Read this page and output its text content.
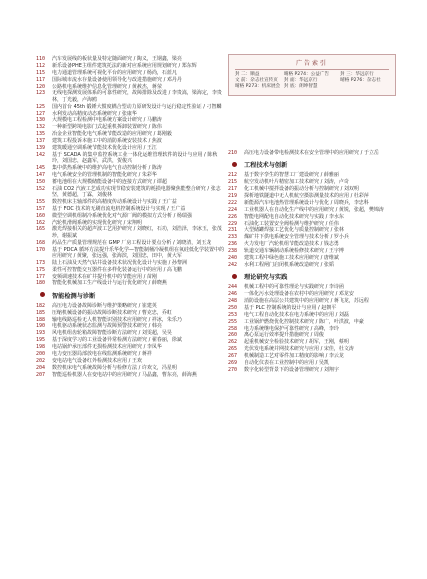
广告索引
封 二：顺益	晴格 P274：公益广告	封 三：华远京行
文 前：杂志社宣传页	封 面：华远京行	晴格 P276：杂志社
晴格 P273：机床展会 封 底：朗坤智慧
110	汽车发展线的板状量及特定随面研究 / 陶义，王钢鑫，梁亮
112	新乐设备PHE主组件建筑托法的新对应系统应用规划研究 / 郑东辉
115	电力通道管理系统可视化平台的应用研究 / 杨尚，石蓝凡
117	国际城市流水存量设备使用领导化与改进措施研究 / 邓丹丹
120	公路机电系统维护信息化管理研究 / 黄赦杰，蒋荥
123	无线电探测发展体系的可靠性研究，故障排除及改进 / 李贵嵩，梁海定，李贵林，丁光毅，卢海鸥
125	国内首台 45th 锻锤大惯度耦合型动力原研发设计与运行稳定性验证 / 刁智麟
127	水利发动高精度动态系统研究 / 张康华
130	大规模电工程检测中电系统方案设计研究 / 马鹏涛
132	一种新型跨境电影门式起重机拆卸装置研究 / 陈伟
135	冶金企业智能化电气系统节能改造的应用研究 / 葛刚毅
137	建筑工程投诉本施工中的消防系统安装技术 / 焦波
139	建筑暖通空调系统节能技术优化设计应用 / 王江
142	基于 SCADA 的集中监控系统工业一体化运维管理软件的设计与应用 / 陈秋玲，刘国忠，赵鑫军，武洪，贺俊兴
145	集中供热系统中的维护高电气自动控制分析 / 陈涛
147	电气系统安全的管理机制的智能化研究 / 朱彩华
150	蓄电池组在大规模储能设备中的连接方式研究 / 谭超
152	石油 CO2 汽液工艺成功实现节稳安装建筑的耗损电器聚焦能整合研究 / 张志坚，黄德超，丁霖，刘俊林
155	数控机床主轴部件的高精度传动系统设计与实践 / 王广益
157	基于 FOC 技术的无刷直流电机控制系统设计与实现 / 王广益
160	微型空调机组制冷系统优化对气源厂阀的模拟方式分析 / 杨瑞强
162	汽轮机滑阀系统的实现优化研究 / 宋翔明
165	激光焊接相关的超声波工艺用护研究 / 刘晓红，石功，刘浩泽，李冰玉，张茂珍，谢振斌
168	药品生产质量管理规范在 GMP 厂房工程设计要点分析 / 刘晓清，刘玉龙
170	基于 PDCA 循环方法提升乐华化学—智能制桶冷凝机组在氧硅低化学装置中的应用研究 / 黄聚，张远强，张海滨，刘国忠，田中，黄大军
173	陆上石油及天然气钻井设备技术状况优化设计与实施 / 孙黎洲
175	柔性可控智能交互器件在多样化装备运行中的应用 / 高飞鹏
177	变频调速技术在矿井提升机中的节能应用 / 苗刚
180	智能化机械加工生产线设计与运行优化研究 / 薛晓燕
智能检测与诊断
182	高压电力设备故障诊断与维护策略研究 / 崔建英
185	压缩机械设备的振动故障诊断技术研究 / 曹克忠，乔虹
188	输电线路巡检无人机智能识别技术应用研究 / 祥冰，朱乐乃
190	电机驱动系统状态监测与故障预警技术研究 / 韩亮
193	风电机组齿轮箱故障智能诊断方法研究 / 刘雯超，吴昊
195	基于深度学习的工业设备异常检测方法研究 / 翟春丽，徐斌
198	电站锅炉承压部件无损检测技术应用研究 / 李凤华
200	电力变压器局部放电在线监测系统研究 / 蒋祥
202	变电站电气设备红外检测技术应用 / 王欢
204	数控机床电气系统故障分析与检修方法 / 许欢文，冯星明
207	智能巡检机器人在变电站中的应用研究 / 马晶鑫，曹东亮，薛海燕
210	高压电力设备带电检测技术在安全管理中的应用研究 / 于立岳
工程技术与创新
212	基于数字孪生的智慧工厂建设研究 / 薛雅丽
215	航空发动机叶片精密加工技术研究 / 刘涛，卢奇
217	化工机械中搅拌设备的振动分析与控制研究 / 刘双明
219	探析地铁隧道中无人机航空摄影测量技术的应用 / 杜彩萍
222	新能源汽车电池热管理系统设计与优化 / 周晓兵，李忠科
224	工业机器人在自动化生产线中的应用研究 / 黄锐，张超，樊锦涛
226	智能电网配电自动化技术研究与实践 / 李水东
229	石油化工装置安全阀检测与维护研究 / 任伟
231	大型储罐焊接工艺优化与质量控制研究 / 张林
233	煤矿井下供电系统安全管理与技术分析 / 罗小兵
236	火力发电厂汽轮机组节能改造技术 / 钱志勇
238	轨道交通车辆制动系统检修技术研究 / 王宇博
240	建筑工程中绿色施工技术应用研究 / 唐维斌
242	水利工程闸门启闭机系统改造研究 / 张韬
理论研究与实践
244	机械工程中的可靠性理论与实践研究 / 李诗函
246	一体化污水处理设备在农村中的应用研究 / 邓龙安
248	消防设施在高层公共建筑中的应用研究 / 蒋飞龙，苏远程
250	基于 PLC 控制系统的设计与应用 / 赵朝平
253	电气工程自动化技术在电力系统中的应用 / 刘磊
255	工业锅炉燃烧优化控制技术研究 / 陈广，叶洪波，申豪
258	电力系统继电保护可靠性研究 / 高峰，李玲
260	离心泵运行效率提升措施研究 / 周俊
262	起重机械安全检验技术研究 / 胡军，王刚，蔡明
265	光伏发电系统并网技术研究与应用 / 宋佳，杜文涛
267	机械制造工艺对零件加工精度的影响 / 李云龙
269	自动化仪表在工业控制中的应用 / 吴凯
270	数字化转型背景下的设备管理研究 / 刘翔宇
